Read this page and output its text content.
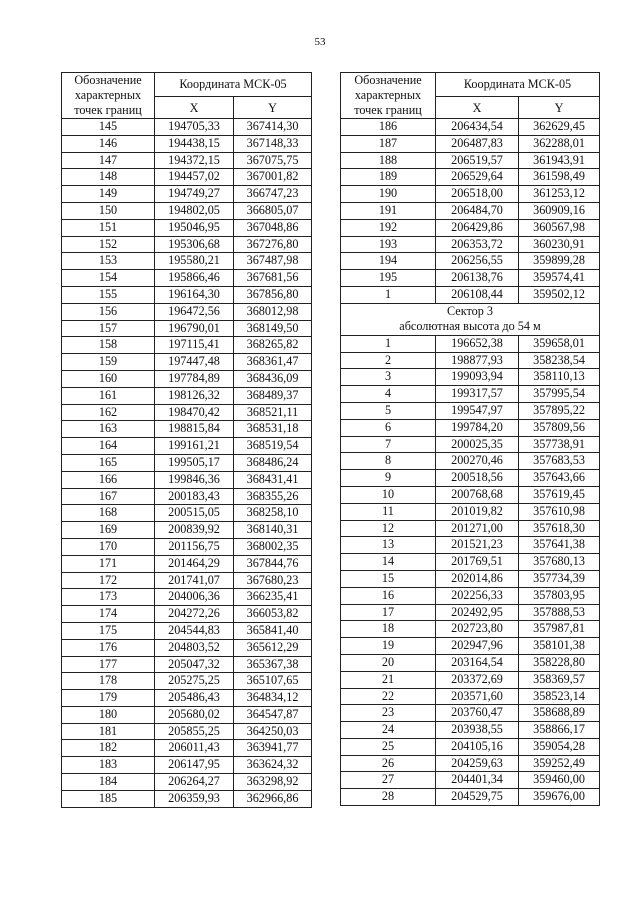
53
Обозначение характерных точек границ	Координата МСК-05	
	X	Y
145	194705,33	367414,30
146	194438,15	367148,33
147	194372,15	367075,75
148	194457,02	367001,82
149	194749,27	366747,23
150	194802,05	366805,07
151	195046,95	367048,86
152	195306,68	367276,80
153	195580,21	367487,98
154	195866,46	367681,56
155	196164,30	367856,80
156	196472,56	368012,98
157	196790,01	368149,50
158	197115,41	368265,82
159	197447,48	368361,47
160	197784,89	368436,09
161	198126,32	368489,37
162	198470,42	368521,11
163	198815,84	368531,18
164	199161,21	368519,54
165	199505,17	368486,24
166	199846,36	368431,41
167	200183,43	368355,26
168	200515,05	368258,10
169	200839,92	368140,31
170	201156,75	368002,35
171	201464,29	367844,76
172	201741,07	367680,23
173	204006,36	366235,41
174	204272,26	366053,82
175	204544,83	365841,40
176	204803,52	365612,29
177	205047,32	365367,38
178	205275,25	365107,65
179	205486,43	364834,12
180	205680,02	364547,87
181	205855,25	364250,03
182	206011,43	363941,77
183	206147,95	363624,32
184	206264,27	363298,92
185	206359,93	362966,86
Обозначение характерных точек границ	Координата МСК-05	
	X	Y
186	206434,54	362629,45
187	206487,83	362288,01
188	206519,57	361943,91
189	206529,64	361598,49
190	206518,00	361253,12
191	206484,70	360909,16
192	206429,86	360567,98
193	206353,72	360230,91
194	206256,55	359899,28
195	206138,76	359574,41
1	206108,44	359502,12

Сектор 3
абсолютная высота до 54 м		

1	196652,38	359658,01
2	198877,93	358238,54
3	199093,94	358110,13
4	199317,57	357995,54
5	199547,97	357895,22
6	199784,20	357809,56
7	200025,35	357738,91
8	200270,46	357683,53
9	200518,56	357643,66
10	200768,68	357619,45
11	201019,82	357610,98
12	201271,00	357618,30
13	201521,23	357641,38
14	201769,51	357680,13
15	202014,86	357734,39
16	202256,33	357803,95
17	202492,95	357888,53
18	202723,80	357987,81
19	202947,96	358101,38
20	203164,54	358228,80
21	203372,69	358369,57
22	203571,60	358523,14
23	203760,47	358688,89
24	203938,55	358866,17
25	204105,16	359054,28
26	204259,63	359252,49
27	204401,34	359460,00
28	204529,75	359676,00
